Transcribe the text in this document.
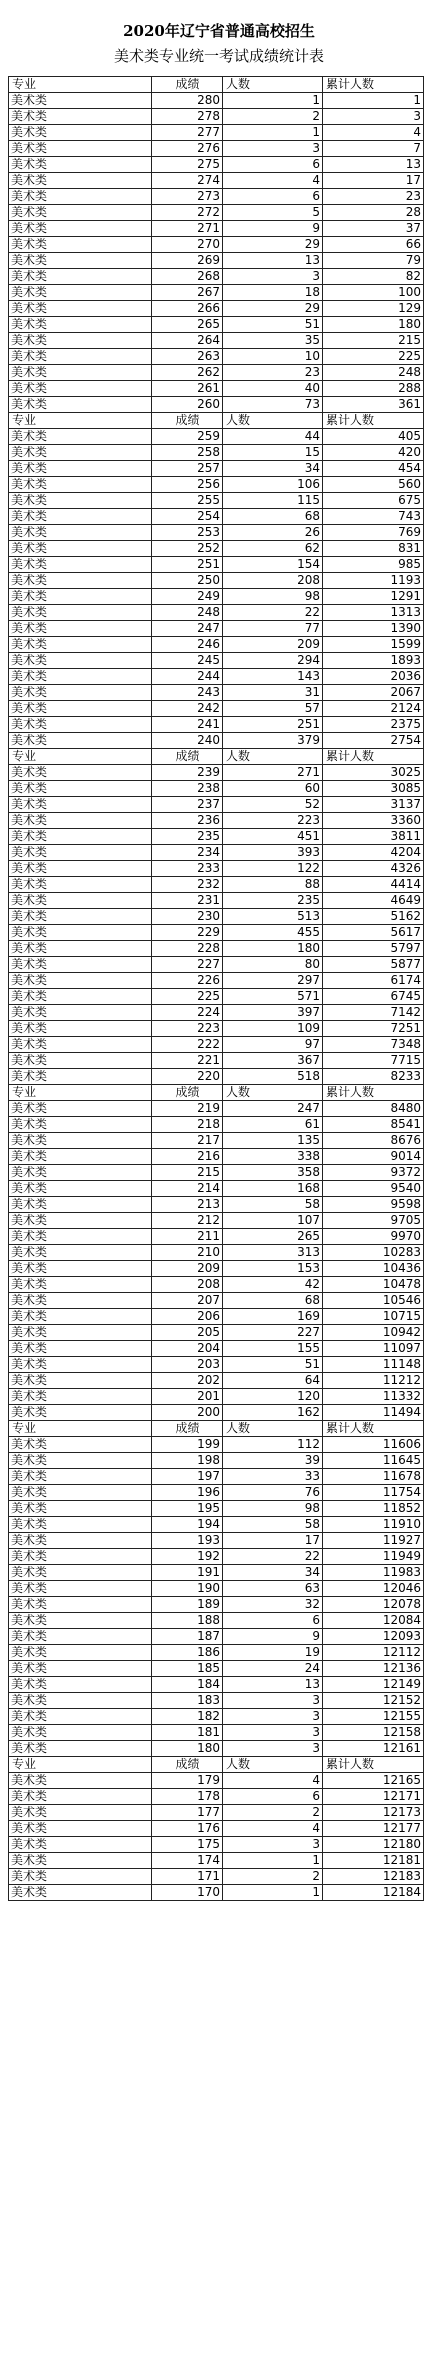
2020年辽宁省普通高校招生
美术类专业统一考试成绩统计表
专业	成绩	人数	累计人数
美术类	280	1	1
美术类	278	2	3
美术类	277	1	4
美术类	276	3	7
美术类	275	6	13
美术类	274	4	17
美术类	273	6	23
美术类	272	5	28
美术类	271	9	37
美术类	270	29	66
美术类	269	13	79
美术类	268	3	82
美术类	267	18	100
美术类	266	29	129
美术类	265	51	180
美术类	264	35	215
美术类	263	10	225
美术类	262	23	248
美术类	261	40	288
美术类	260	73	361
专业	成绩	人数	累计人数
美术类	259	44	405
美术类	258	15	420
美术类	257	34	454
美术类	256	106	560
美术类	255	115	675
美术类	254	68	743
美术类	253	26	769
美术类	252	62	831
美术类	251	154	985
美术类	250	208	1193
美术类	249	98	1291
美术类	248	22	1313
美术类	247	77	1390
美术类	246	209	1599
美术类	245	294	1893
美术类	244	143	2036
美术类	243	31	2067
美术类	242	57	2124
美术类	241	251	2375
美术类	240	379	2754
专业	成绩	人数	累计人数
美术类	239	271	3025
美术类	238	60	3085
美术类	237	52	3137
美术类	236	223	3360
美术类	235	451	3811
美术类	234	393	4204
美术类	233	122	4326
美术类	232	88	4414
美术类	231	235	4649
美术类	230	513	5162
美术类	229	455	5617
美术类	228	180	5797
美术类	227	80	5877
美术类	226	297	6174
美术类	225	571	6745
美术类	224	397	7142
美术类	223	109	7251
美术类	222	97	7348
美术类	221	367	7715
美术类	220	518	8233
专业	成绩	人数	累计人数
美术类	219	247	8480
美术类	218	61	8541
美术类	217	135	8676
美术类	216	338	9014
美术类	215	358	9372
美术类	214	168	9540
美术类	213	58	9598
美术类	212	107	9705
美术类	211	265	9970
美术类	210	313	10283
美术类	209	153	10436
美术类	208	42	10478
美术类	207	68	10546
美术类	206	169	10715
美术类	205	227	10942
美术类	204	155	11097
美术类	203	51	11148
美术类	202	64	11212
美术类	201	120	11332
美术类	200	162	11494
专业	成绩	人数	累计人数
美术类	199	112	11606
美术类	198	39	11645
美术类	197	33	11678
美术类	196	76	11754
美术类	195	98	11852
美术类	194	58	11910
美术类	193	17	11927
美术类	192	22	11949
美术类	191	34	11983
美术类	190	63	12046
美术类	189	32	12078
美术类	188	6	12084
美术类	187	9	12093
美术类	186	19	12112
美术类	185	24	12136
美术类	184	13	12149
美术类	183	3	12152
美术类	182	3	12155
美术类	181	3	12158
美术类	180	3	12161
专业	成绩	人数	累计人数
美术类	179	4	12165
美术类	178	6	12171
美术类	177	2	12173
美术类	176	4	12177
美术类	175	3	12180
美术类	174	1	12181
美术类	171	2	12183
美术类	170	1	12184
